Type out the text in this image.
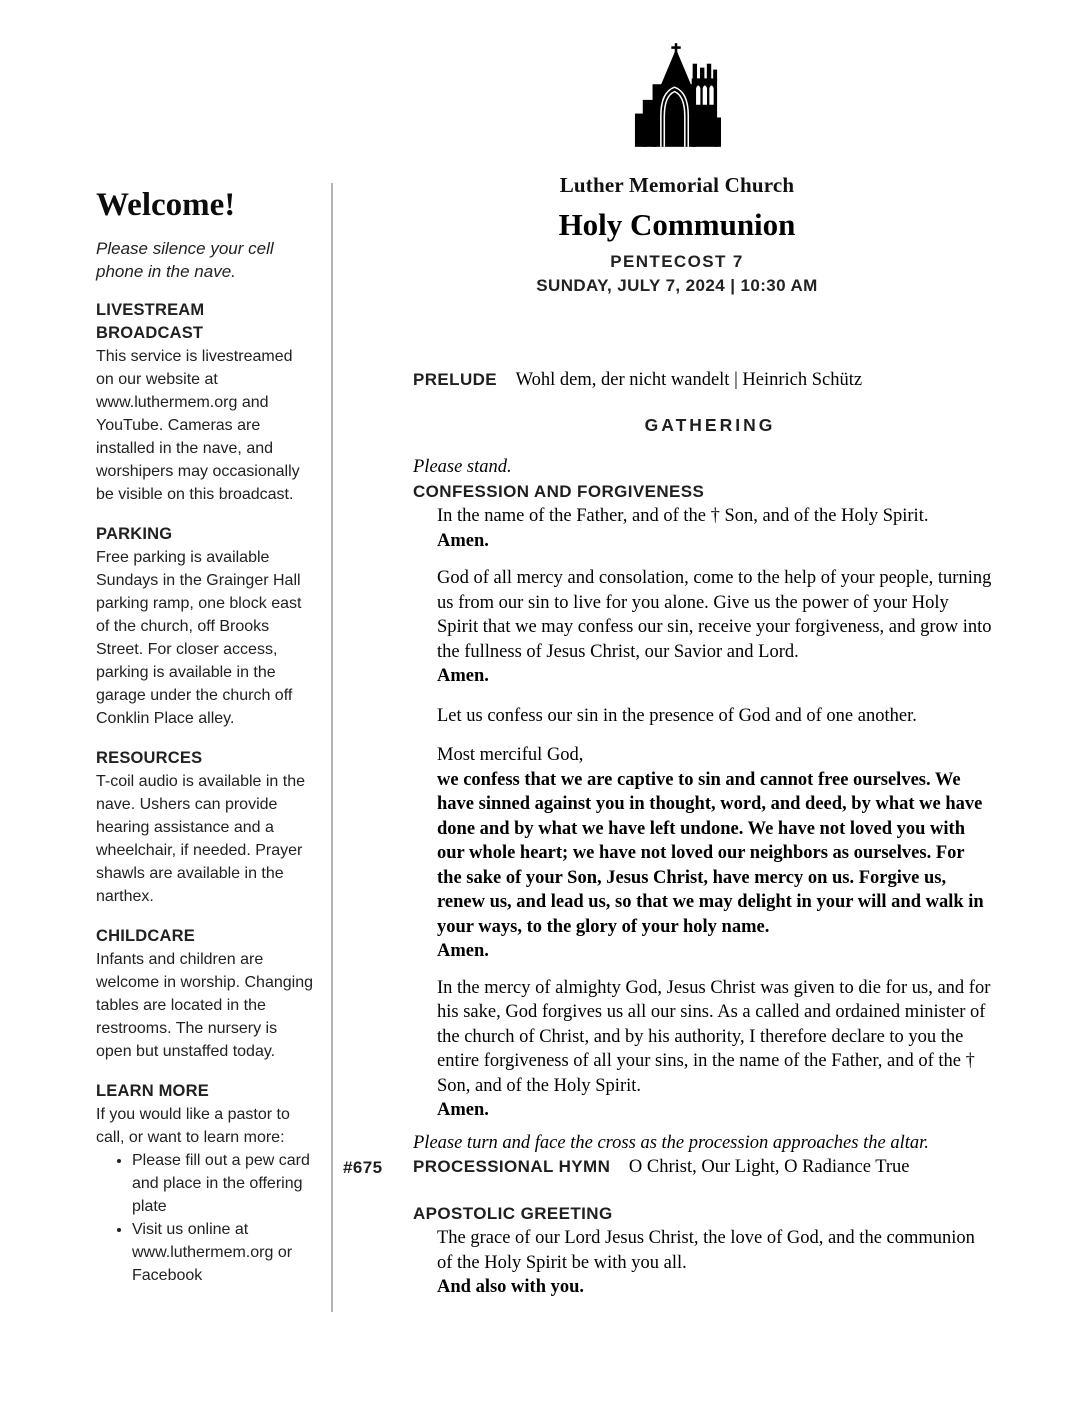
Luther Memorial Church
Holy Communion
PENTECOST 7
SUNDAY, JULY 7, 2024 | 10:30 AM
Welcome!
Please silence your cell phone in the nave.
LIVESTREAM BROADCAST
This service is livestreamed on our website at www.luthermem.org and YouTube. Cameras are installed in the nave, and worshipers may occasionally be visible on this broadcast.
PARKING
Free parking is available Sundays in the Grainger Hall parking ramp, one block east of the church, off Brooks Street. For closer access, parking is available in the garage under the church off Conklin Place alley.
RESOURCES
T-coil audio is available in the nave. Ushers can provide hearing assistance and a wheelchair, if needed. Prayer shawls are available in the narthex.
CHILDCARE
Infants and children are welcome in worship. Changing tables are located in the restrooms. The nursery is open but unstaffed today.
LEARN MORE
If you would like a pastor to call, or want to learn more:
• Please fill out a pew card and place in the offering plate
• Visit us online at www.luthermem.org or Facebook
PRELUDE Wohl dem, der nicht wandelt | Heinrich Schütz
GATHERING
Please stand.
CONFESSION AND FORGIVENESS
In the name of the Father, and of the † Son, and of the Holy Spirit.
Amen.
God of all mercy and consolation, come to the help of your people, turning us from our sin to live for you alone. Give us the power of your Holy Spirit that we may confess our sin, receive your forgiveness, and grow into the fullness of Jesus Christ, our Savior and Lord.
Amen.
Let us confess our sin in the presence of God and of one another.
Most merciful God,
we confess that we are captive to sin and cannot free ourselves. We have sinned against you in thought, word, and deed, by what we have done and by what we have left undone. We have not loved you with our whole heart; we have not loved our neighbors as ourselves. For the sake of your Son, Jesus Christ, have mercy on us. Forgive us, renew us, and lead us, so that we may delight in your will and walk in your ways, to the glory of your holy name.
Amen.
In the mercy of almighty God, Jesus Christ was given to die for us, and for his sake, God forgives us all our sins. As a called and ordained minister of the church of Christ, and by his authority, I therefore declare to you the entire forgiveness of all your sins, in the name of the Father, and of the † Son, and of the Holy Spirit.
Amen.
Please turn and face the cross as the procession approaches the altar.
#675 PROCESSIONAL HYMN O Christ, Our Light, O Radiance True
APOSTOLIC GREETING
The grace of our Lord Jesus Christ, the love of God, and the communion of the Holy Spirit be with you all.
And also with you.
